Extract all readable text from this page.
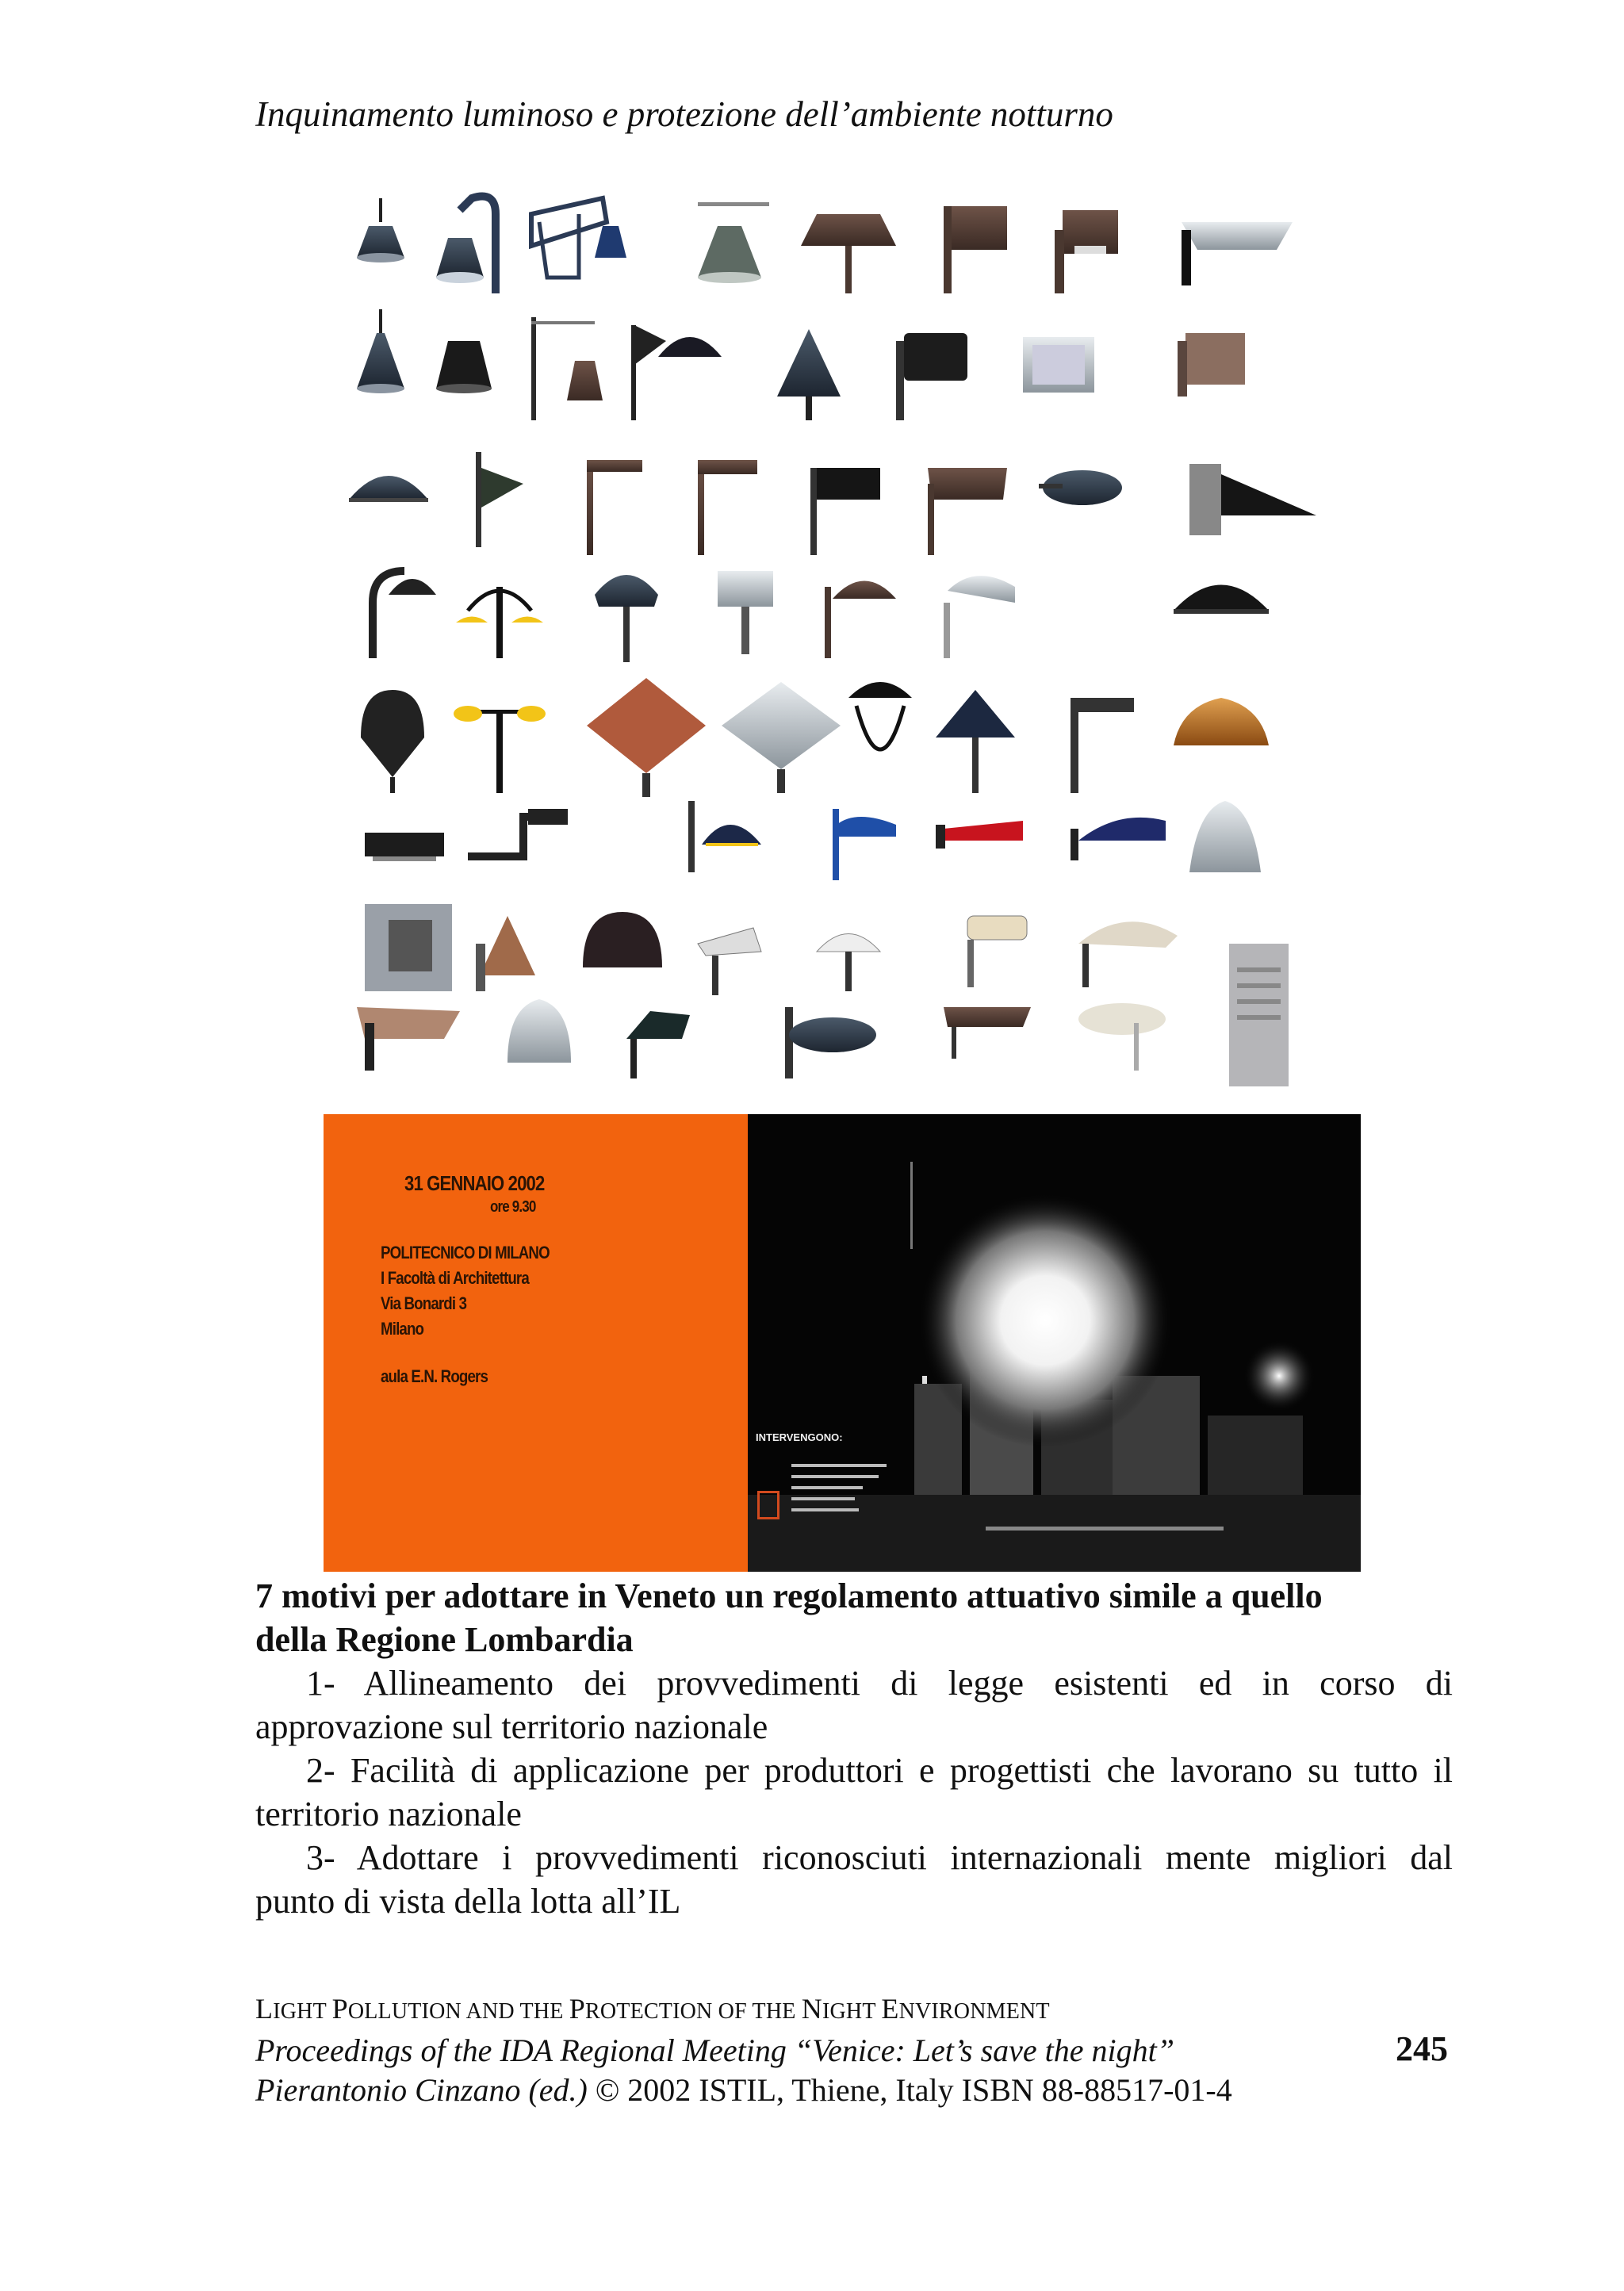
Inquinamento luminoso e protezione dell’ambiente notturno
31 GENNAIO 2002
ore 9.30
POLITECNICO DI MILANO
I Facoltà di Architettura
Via Bonardi 3
Milano
aula E.N. Rogers
INTERVENGONO:
7 motivi per adottare in Veneto un regolamento attuativo simile a quello
della Regione Lombardia
1- Allineamento dei provvedimenti di legge esistenti ed in corso di
approvazione sul territorio nazionale
2- Facilità di applicazione per produttori e progettisti che lavorano su tutto il
territorio nazionale
3- Adottare i provvedimenti riconosciuti internazionali mente migliori dal
punto di vista della lotta all’IL
LIGHT POLLUTION AND THE PROTECTION OF THE NIGHT ENVIRONMENT
Proceedings of the IDA Regional Meeting “Venice: Let’s save the night”
Pierantonio Cinzano (ed.) © 2002 ISTIL, Thiene, Italy ISBN 88-88517-01-4
245
